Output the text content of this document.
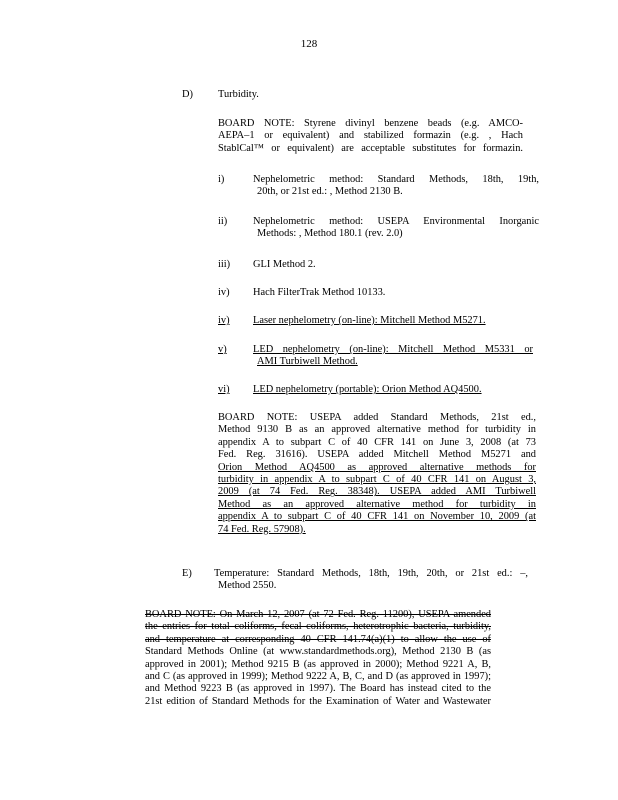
128
D) Turbidity.
BOARD NOTE: Styrene divinyl benzene beads (e.g. AMCO-
AEPA–1 or equivalent) and stabilized formazin (e.g. , Hach
StablCal™ or equivalent) are acceptable substitutes for formazin.
i)	Nephelometric method: Standard Methods, 18th, 19th,
20th, or 21st ed.: , Method 2130 B.
ii) Nephelometric method: USEPA Environmental Inorganic
Methods: , Method 180.1 (rev. 2.0)
iii) GLI Method 2.
iv) Hach FilterTrak Method 10133.
iv) Laser nephelometry (on-line): Mitchell Method M5271.
v)	LED nephelometry (on-line): Mitchell Method M5331 or
AMI Turbiwell Method.
vi) LED nephelometry (portable): Orion Method AQ4500.
BOARD NOTE: USEPA added Standard Methods, 21st ed.,
Method 9130 B as an approved alternative method for turbidity in
appendix A to subpart C of 40 CFR 141 on June 3, 2008 (at 73
Fed. Reg. 31616). USEPA added Mitchell Method M5271 and
Orion Method AQ4500 as approved alternative methods for
turbidity in appendix A to subpart C of 40 CFR 141 on August 3,
2009 (at 74 Fed. Reg. 38348). USEPA added AMI Turbiwell
Method as an approved alternative method for turbidity in
appendix A to subpart C of 40 CFR 141 on November 10, 2009 (at
74 Fed. Reg. 57908).
E) Temperature: Standard Methods, 18th, 19th, 20th, or 21st ed.: –,
Method 2550.
BOARD NOTE: On March 12, 2007 (at 72 Fed. Reg. 11200), USEPA amended
the entries for total coliforms, fecal coliforms, heterotrophic bacteria, turbidity,
and temperature at corresponding 40 CFR 141.74(a)(1) to allow the use of
Standard Methods Online (at www.standardmethods.org), Method 2130 B (as
approved in 2001); Method 9215 B (as approved in 2000); Method 9221 A, B,
and C (as approved in 1999); Method 9222 A, B, C, and D (as approved in 1997);
and Method 9223 B (as approved in 1997). The Board has instead cited to the
21st edition of Standard Methods for the Examination of Water and Wastewater
